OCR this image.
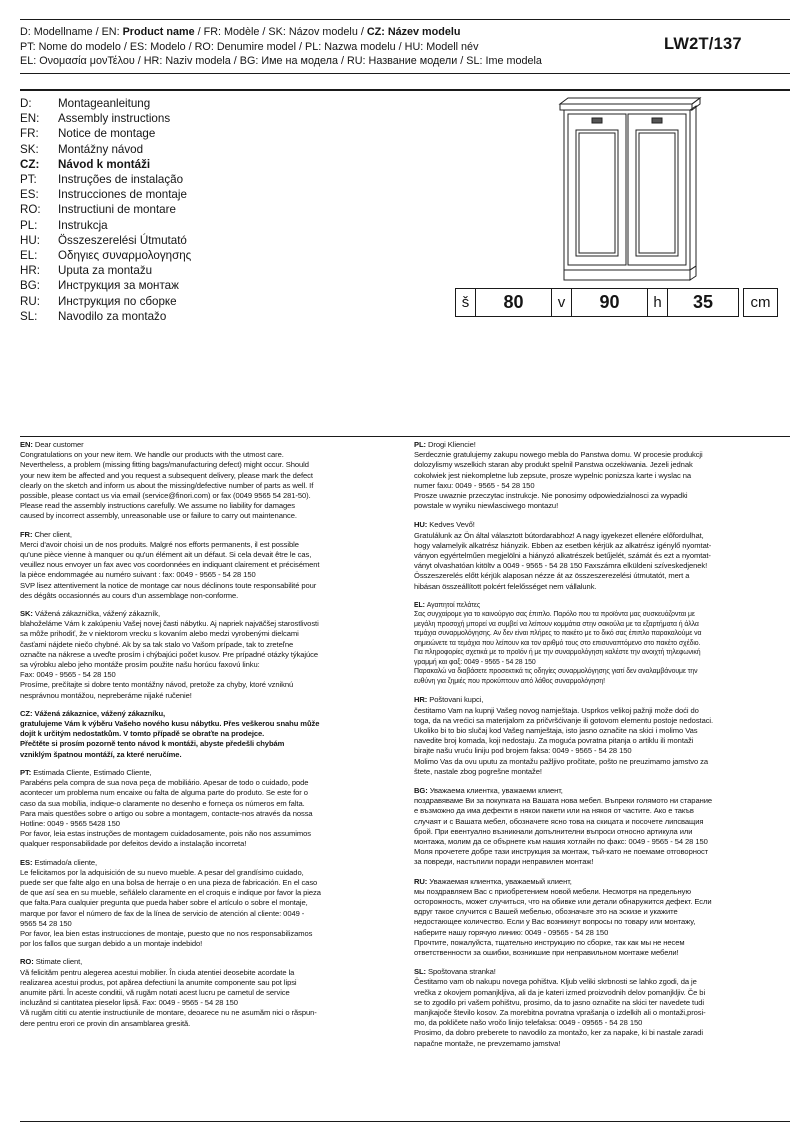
D: Modellname / EN: Product name / FR: Modèle / SK: Názov modelu / CZ: Název modelu
PT: Nome do modelo / ES: Modelo / RO: Denumire model / PL: Nazwa modelu / HU: Modell név
EL: Ονομασία μονΤέλου / HR: Naziv modela / BG: Име на модела / RU: Название модели / SL: Ime modela
LW2T/137
D:	Montageanleitung
EN:	Assembly instructions
FR:	Notice de montage
SK:	Montážny návod
CZ:	Návod k montáži
PT:	Instruções de instalação
ES:	Instrucciones de montaje
RO:	Instructiuni de montare
PL:	Instrukcja
HU:	Összeszerelési Útmutató
EL:	Οδηγιες συναρμολογησης
HR:	Uputa za montažu
BG:	Инструкция за монтаж
RU:	Инструкция по сборке
SL:	Navodilo za montažo
š	80	v	90	h	35	cm
EN: Dear customer
Congratulations on your new item. We handle our products with the utmost care.
Nevertheless, a problem (missing fitting bags/manufacturing defect) might occur. Should
your new item be affected and you request a subsequent delivery, please mark the defect
clearly on the sketch and inform us about the missing/defective number of parts as well. If
possible, please contact us via email (service@finori.com) or fax (0049 9565 54 281-50).
Please read the assembly instructions carefully. We assume no liability for damages
caused by incorrect assembly, unreasonable use or failure to carry out maintenance.
FR: Cher client,
Merci d'avoir choisi un de nos produits. Malgré nos efforts permanents, il est possible
qu'une pièce vienne à manquer ou qu'un élément ait un défaut. Si cela devait être le cas,
veuillez nous envoyer un fax avec vos coordonnées en indiquant clairement et précisément
la pièce endommagée au numéro suivant : fax: 0049 - 9565 - 54 28 150
SVP lisez attentivement la notice de montage car nous déclinons toute responsabilité pour
des dégâts occasionnés au cours d'un assemblage non-conforme.
SK: Vážená zákaznička, vážený zákazník,
blahoželáme Vám k zakúpeniu Vašej novej časti nábytku. Aj napriek najväčšej starostlivosti
sa môže prihodiť, že v niektorom vrecku s kovaním alebo medzi vyrobenými dielcami
časťami nájdete niečo chybné. Ak by sa tak stalo vo Vašom prípade, tak to zreteľne
označte na nákrese a uveďte prosím i chýbajúci počet kusov. Pre prípadné otázky týkajúce
sa výrobku alebo jeho montáže prosím použite našu horúcu faxovú linku:
Fax: 0049 - 9565 - 54 28 150
Prosíme, prečítajte si dobre tento montážny návod, pretože za chyby, ktoré vzniknú
nesprávnou montážou, nepreberáme nijaké ručenie!
CZ: Vážená zákaznice, vážený zákazníku,
gratulujeme Vám k výběru Vašeho nového kusu nábytku. Přes veškerou snahu může
dojít k určitým nedostatkům. V tomto případě se obraťte na prodejce.
Přečtěte si prosím pozorně tento návod k montáži, abyste předešli chybám
vzniklým špatnou montáží, za které neručíme.
PT: Estimada Cliente, Estimado Cliente,
Parabéns pela compra de sua nova peça de mobiliário. Apesar de todo o cuidado, pode
acontecer um problema num encaixe ou falta de alguma parte do produto. Se este for o
caso da sua mobília, indique-o claramente no desenho e forneça os números em falta.
Para mais questões sobre o artigo ou sobre a montagem, contacte-nos através da nossa
Hotline: 0049 - 9565 5428 150
Por favor, leia estas instruções de montagem cuidadosamente, pois não nos assumimos
qualquer responsabilidade por defeitos devido a instalação incorreta!
ES: Estimado/a cliente,
Le felicitamos por la adquisición de su nuevo mueble. A pesar del grandísimo cuidado,
puede ser que falte algo en una bolsa de herraje o en una pieza de fabricación. En el caso
de que así sea en su mueble, señálelo claramente en el croquis e indique por favor la pieza
que falta.Para cualquier pregunta que pueda haber sobre el artículo o sobre el montaje,
marque por favor el número de fax de la línea de servicio de atención al cliente: 0049 -
9565 54 28 150
Por favor, lea bien estas instrucciones de montaje, puesto que no nos responsabilizamos
por los fallos que surgan debido a un montaje indebido!
RO: Stimate client,
Vă felicităm pentru alegerea acestui mobilier. În ciuda atentiei deosebite acordate la
realizarea acestui produs, pot apărea defectiuni la anumite componente sau pot lipsi
anumite părti. În aceste conditii, vă rugăm notati acest lucru pe carnetul de service
incluzând si cantitatea pieselor lipsă. Fax: 0049 - 9565 - 54 28 150
Vă rugăm cititi cu atentie instructiunile de montare, deoarece nu ne asumăm nici o răspun-
dere pentru erori ce provin din ansamblarea gresită.
PL: Drogi Kliencie!
Serdecznie gratulujemy zakupu nowego mebla do Panstwa domu. W procesie produkcji
dolozylismy wszelkich staran aby produkt spelnil Panstwa oczekiwania. Jezeli jednak
cokolwiek jest niekompletne lub zepsute, prosze wypelnic ponizsza karte i wyslac na
numer faxu: 0049 - 9565 - 54 28 150
Prosze uwaznie przeczytac instrukcje. Nie ponosimy odpowiedzialnosci za wypadki
powstale w wyniku niewlasciwego montazu!
HU: Kedves Vevő!
Gratulálunk az Ön által választott bútordarabhoz! A nagy igyekezet ellenére előfordulhat,
hogy valamelyik alkatrész hiányzik. Ebben az esetben kérjük az alkatrész igénylő nyomtat-
ványon egyértelműen megjelölni a hiányzó alkatrészek betűjelét, számát és ezt a nyomtat-
ványt olvashatóan kitöltv a 0049 - 9565 - 54 28 150 Faxszámra elküldeni szíveskedjenek!
Összeszerelés előtt kérjük alaposan nézze át az összeszerezelési útmutatót, mert a
hibásan összeállított polcért felelősséget nem vállalunk.
EL: Αγαπητοί πελάτες
Σας συγχαίρομε για το καινούργιο σας έπιπλο. Παρόλο που τα προϊόντα μας συσκευάζονται με
μεγάλη προσοχή μπορεί να συμβεί να λείπουν κομμάτια στην σακούλα με τα εξαρτήματα ή άλλα
τεμάχια συναρμολόγησης. Αν δεν είναι πλήρες το πακέτο με το δικό σας έπιπλο παρακαλούμε να
σημειώνετε τα τεμάχια που λείπουν και τον αριθμό τους στο επισυναπτόμενο στο πακέτο σχέδιο.
Για πληροφορίες σχετικά με το προϊόν ή με την συναρμολόγηση καλέστε την ανοιχτή τηλεφωνική
γραμμή και φαξ: 0049 - 9565 - 54 28 150
Παρακαλώ να διαβάσετε προσεκτικά τις οδηγίες συναρμολόγησης γιατί δεν αναλαμβάνουμε την
ευθύνη για ζημιές που προκύπτουν από λάθος συναρμολόγηση!
HR: Poštovani kupci,
čestitamo Vam na kupnji Vašeg novog namještaja. Usprkos velikoj pažnji može doći do
toga, da na vrećici sa materijalom za pričvršćivanje ili gotovom elementu postoje nedostaci.
Ukoliko bi to bio slučaj kod Vašeg namještaja, isto jasno označite na skici i molimo Vas
navedite broj komada, koji nedostaju. Za moguća povratna pitanja o artiklu ili montaži
birajte našu vruću liniju pod brojem faksa: 0049 - 9565 - 54 28 150
Molimo Vas da ovu uputu za montažu pažljivo pročitate, pošto ne preuzimamo jamstvo za
štete, nastale zbog pogrešne montaže!
BG: Уважаема клиентка, уважаеми клиент,
поздравяваме Ви за покупката на Вашата нова мебел. Въпреки голямото ни старание
е възможно да има дефекти в някои пакети или на някоя от частите. Ако е такъв
случаят и с Вашата мебел, обозначете ясно това на скицата и посочете липсващия
брой. При евентуално възникнали допълнителни въпроси относно артикула или
монтажа, молим да се обърнете към нашия хотлайн по факс: 0049 - 9565 - 54 28 150
Моля прочетете добре тази инструкция за монтаж, тъй-като не поемаме отговорност
за повреди, настъпили поради неправилен монтаж!
RU: Уважаемая клиентка, уважаемый клиент,
мы поздравляем Вас с приобретением новой мебели. Несмотря на предельную
осторожность, может случиться, что на обивке или детали обнаружится дефект. Если
вдруг такое случится с Вашей мебелью, обозначьте это на эскизе и укажите
недостающее количество. Если у Вас возникнут вопросы по товару или монтажу,
наберите нашу горячую линию: 0049 - 09565 - 54 28 150
Прочтите, пожалуйста, тщательно инструкцию по сборке, так как мы не несем
ответственности за ошибки, возникшие при неправильном монтаже мебели!
SL: Spoštovana stranka!
Čestitamo vam ob nakupu novega pohištva. Kljub veliki skrbnosti se lahko zgodi, da je
vrečka z okovjem pomanjkljiva, ali da je kateri izmed proizvodnih delov pomanjkljiv. Če bi
se to zgodilo pri vašem pohištvu, prosimo, da to jasno označite na skici ter navedete tudi
manjkajoče število kosov. Za morebitna povratna vprašanja o izdelkih ali o montaži,prosi-
mo, da pokličete našo vročo linijo telefaksa: 0049 - 09565 - 54 28 150
Prosimo, da dobro preberete to navodilo za montažo, ker za napake, ki bi nastale zaradi
napačne montaže, ne prevzemamo jamstva!
